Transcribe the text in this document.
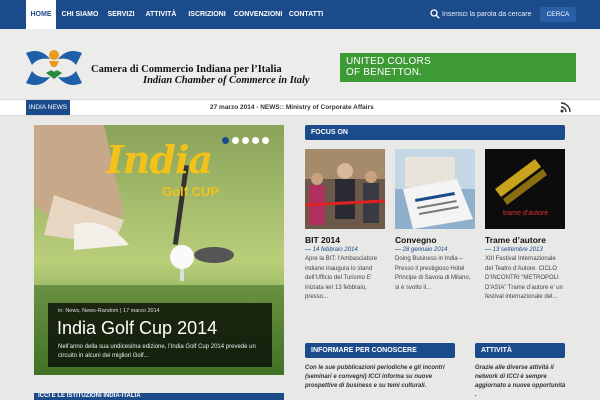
HOME	CHI SIAMO	SERVIZI	ATTIVITÀ	ISCRIZIONI	CONVENZIONI CONTATTI
Inserisci la parola da cercare	CERCA
Camera di Commercio Indiana per l’Italia
Indian Chamber of Commerce in Italy
UNITED COLORS
OF BENETTON.
INDIA NEWS	27 marzo 2014 - NEWS:: Ministry of Corporate Affairs
India
Golf CUP
in: News, News-Random | 17 marzo 2014
India Golf Cup 2014
Nell’anno della sua undicesima edizione, l’India Golf Cup 2014 prevede un circuito in alcuni dei migliori Golf...
FOCUS ON
trame d’autore
BIT 2014
— 14 febbraio 2014
Apre la BIT: l’Ambasciatore indiano inaugura lo stand dell’Ufficio del Turismo E’ iniziata ieri 13 febbraio, presso...
Convegno
— 28 gennaio 2014
Doing Business in India – Presso il prestigioso Hotel Principe di Savoia di Milano, si è svolto il...
Trame d’autore
— 13 settembre 2013
XIII Festival Internazionale del Teatro d’Autore. CICLO D’INCONTRI “METROPOLI D’ASIA” Trame d’autore e’ un festival internazionale del...
INFORMARE PER CONOSCERE
Con le sue pubblicazioni periodiche e gli incontri (seminari e convegni) ICCI informa su nuove prospettive di business e su temi culturali.
ATTIVITÀ
Grazie alle diverse attività il network di ICCI è sempre aggiornato a nuove opportunità .
ICCI E LE ISTITUZIONI INDIA-ITALIA
